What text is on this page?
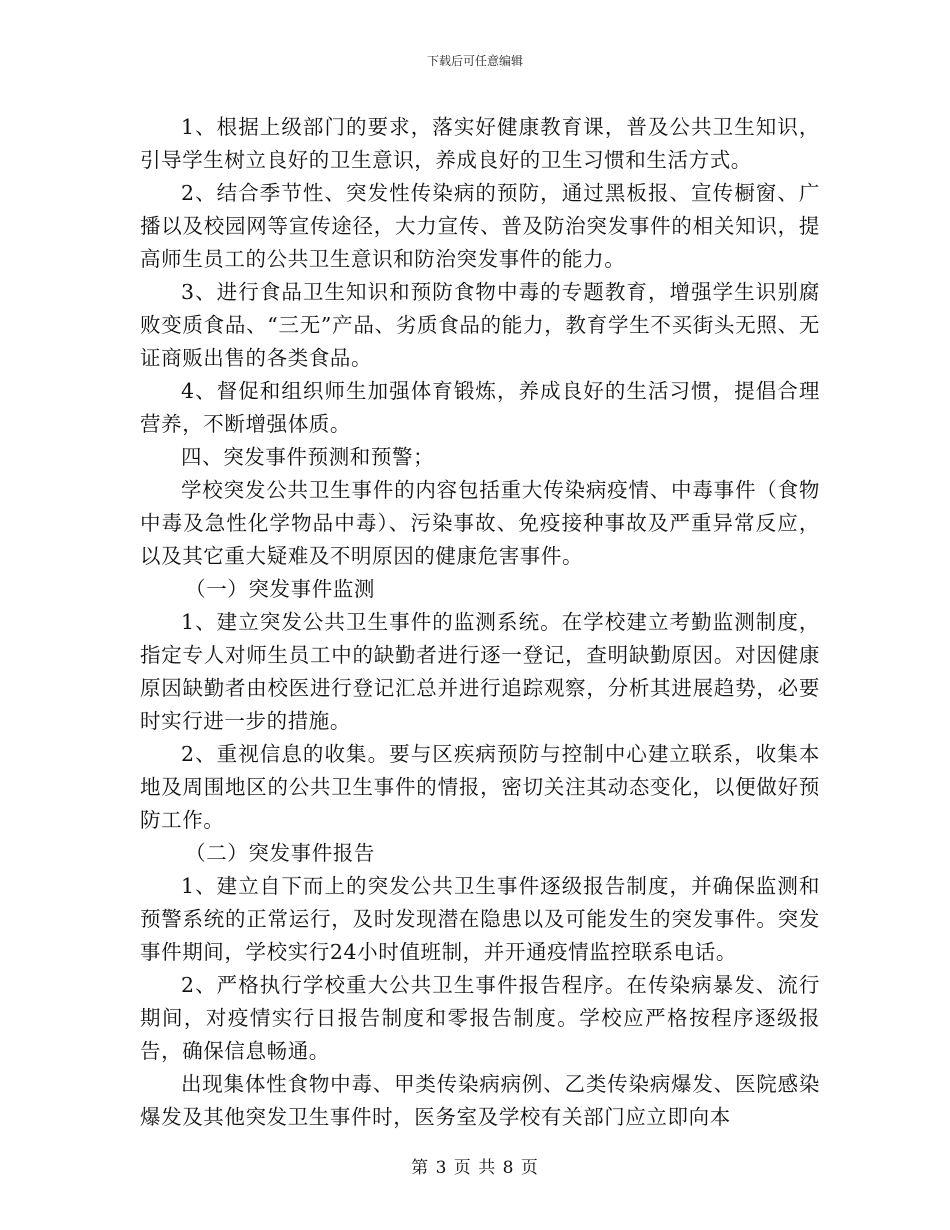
下载后可任意编辑

1、根据上级部门的要求，落实好健康教育课，普及公共卫生知识，引导学生树立良好的卫生意识，养成良好的卫生习惯和生活方式。

2、结合季节性、突发性传染病的预防，通过黑板报、宣传橱窗、广播以及校园网等宣传途径，大力宣传、普及防治突发事件的相关知识，提高师生员工的公共卫生意识和防治突发事件的能力。

3、进行食品卫生知识和预防食物中毒的专题教育，增强学生识别腐败变质食品、“三无”产品、劣质食品的能力，教育学生不买街头无照、无证商贩出售的各类食品。

4、督促和组织师生加强体育锻炼，养成良好的生活习惯，提倡合理营养，不断增强体质。

四、突发事件预测和预警；

学校突发公共卫生事件的内容包括重大传染病疫情、中毒事件（食物中毒及急性化学物品中毒）、污染事故、免疫接种事故及严重异常反应，以及其它重大疑难及不明原因的健康危害事件。

（一）突发事件监测

1、建立突发公共卫生事件的监测系统。在学校建立考勤监测制度，指定专人对师生员工中的缺勤者进行逐一登记，查明缺勤原因。对因健康原因缺勤者由校医进行登记汇总并进行追踪观察，分析其进展趋势，必要时实行进一步的措施。

2、重视信息的收集。要与区疾病预防与控制中心建立联系，收集本地及周围地区的公共卫生事件的情报，密切关注其动态变化，以便做好预防工作。

（二）突发事件报告

1、建立自下而上的突发公共卫生事件逐级报告制度，并确保监测和预警系统的正常运行，及时发现潜在隐患以及可能发生的突发事件。突发事件期间，学校实行24小时值班制，并开通疫情监控联系电话。

2、严格执行学校重大公共卫生事件报告程序。在传染病暴发、流行期间，对疫情实行日报告制度和零报告制度。学校应严格按程序逐级报告，确保信息畅通。

出现集体性食物中毒、甲类传染病病例、乙类传染病爆发、医院感染爆发及其他突发卫生事件时，医务室及学校有关部门应立即向本

第 3 页 共 8 页
